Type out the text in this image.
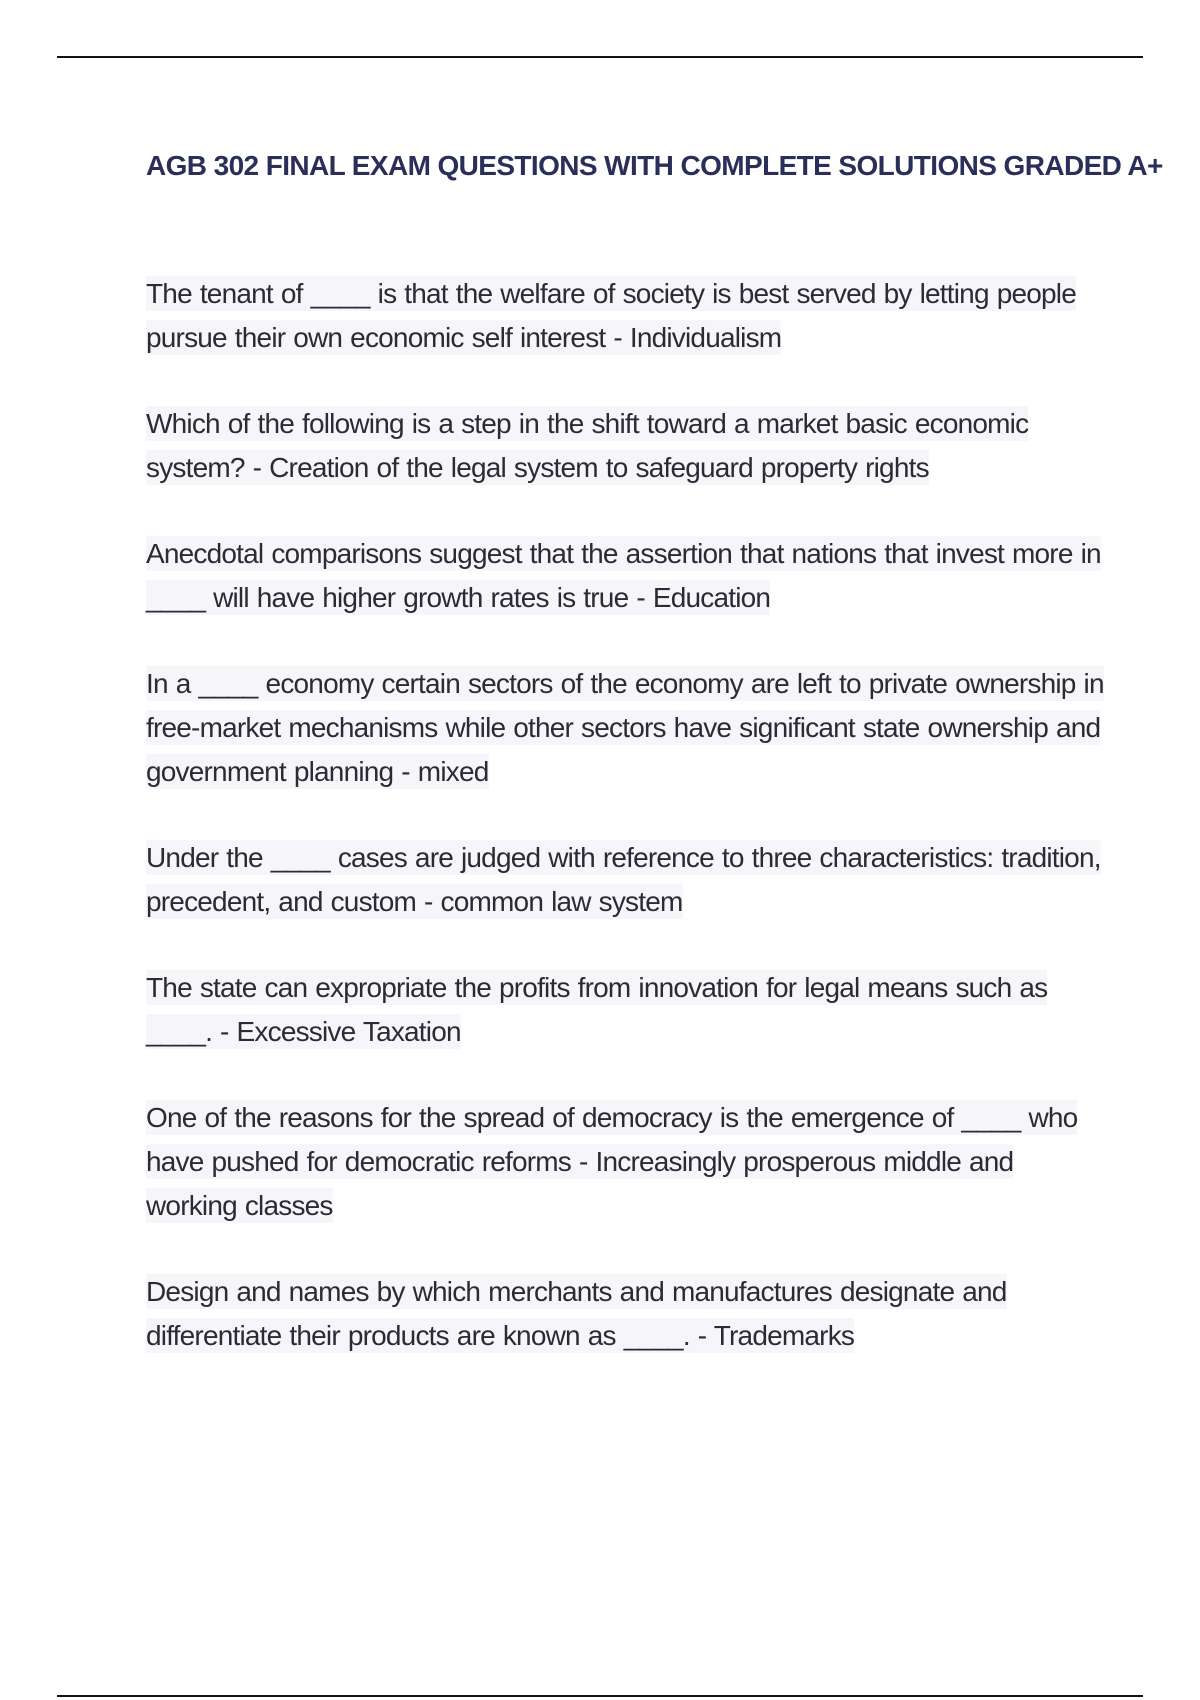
AGB 302 FINAL EXAM QUESTIONS WITH COMPLETE SOLUTIONS GRADED A+
The tenant of ____ is that the welfare of society is best served by letting people pursue their own economic self interest - Individualism
Which of the following is a step in the shift toward a market basic economic system? - Creation of the legal system to safeguard property rights
Anecdotal comparisons suggest that the assertion that nations that invest more in ____ will have higher growth rates is true - Education
In a ____ economy certain sectors of the economy are left to private ownership in free-market mechanisms while other sectors have significant state ownership and government planning - mixed
Under the ____ cases are judged with reference to three characteristics: tradition, precedent, and custom - common law system
The state can expropriate the profits from innovation for legal means such as ____. - Excessive Taxation
One of the reasons for the spread of democracy is the emergence of ____ who have pushed for democratic reforms - Increasingly prosperous middle and working classes
Design and names by which merchants and manufactures designate and differentiate their products are known as ____. - Trademarks
